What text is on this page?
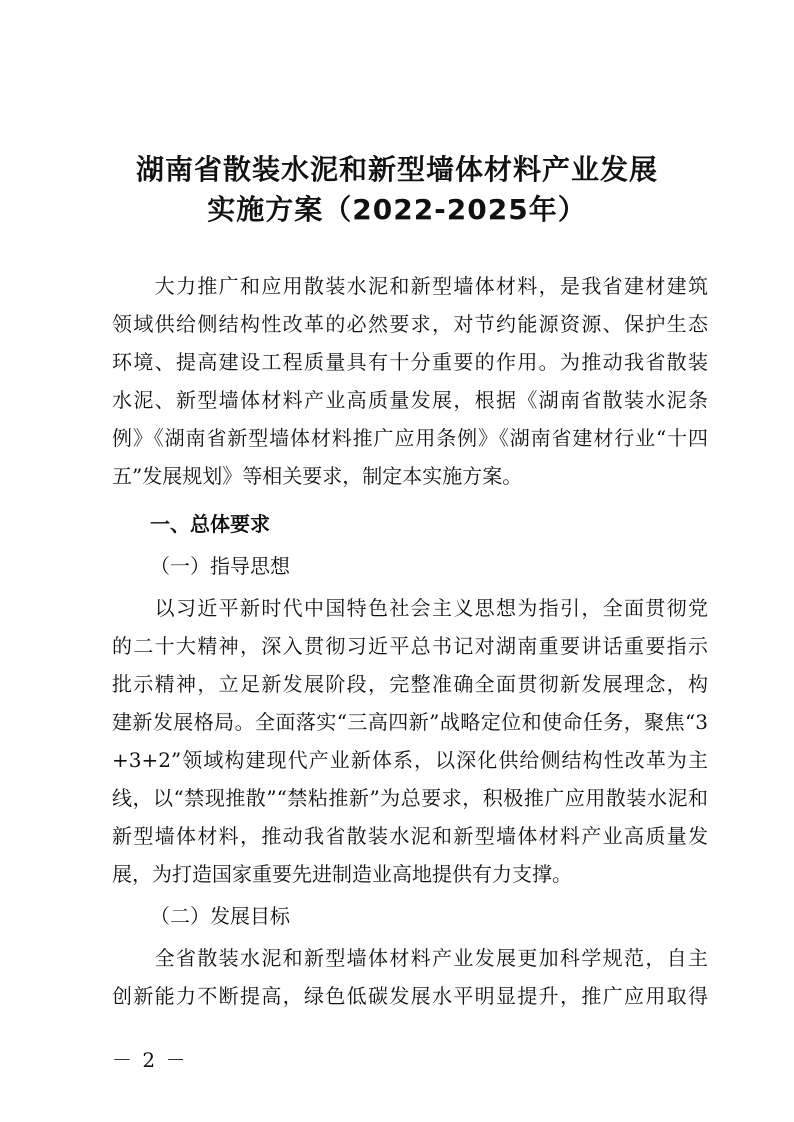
湖南省散装水泥和新型墙体材料产业发展
实施方案（2022-2025年）
　　大力推广和应用散装水泥和新型墙体材料，是我省建材建筑
领域供给侧结构性改革的必然要求，对节约能源资源、保护生态
环境、提高建设工程质量具有十分重要的作用。为推动我省散装
水泥、新型墙体材料产业高质量发展，根据《湖南省散装水泥条
例》《湖南省新型墙体材料推广应用条例》《湖南省建材行业“十四
五”发展规划》等相关要求，制定本实施方案。
一、总体要求
（一）指导思想
　　以习近平新时代中国特色社会主义思想为指引，全面贯彻党
的二十大精神，深入贯彻习近平总书记对湖南重要讲话重要指示
批示精神，立足新发展阶段，完整准确全面贯彻新发展理念，构
建新发展格局。全面落实“三高四新”战略定位和使命任务，聚焦“3
+3+2”领域构建现代产业新体系，以深化供给侧结构性改革为主
线，以“禁现推散”“禁粘推新”为总要求，积极推广应用散装水泥和
新型墙体材料，推动我省散装水泥和新型墙体材料产业高质量发
展，为打造国家重要先进制造业高地提供有力支撑。
（二）发展目标
　　全省散装水泥和新型墙体材料产业发展更加科学规范，自主
创新能力不断提高，绿色低碳发展水平明显提升，推广应用取得
－ 2 －
